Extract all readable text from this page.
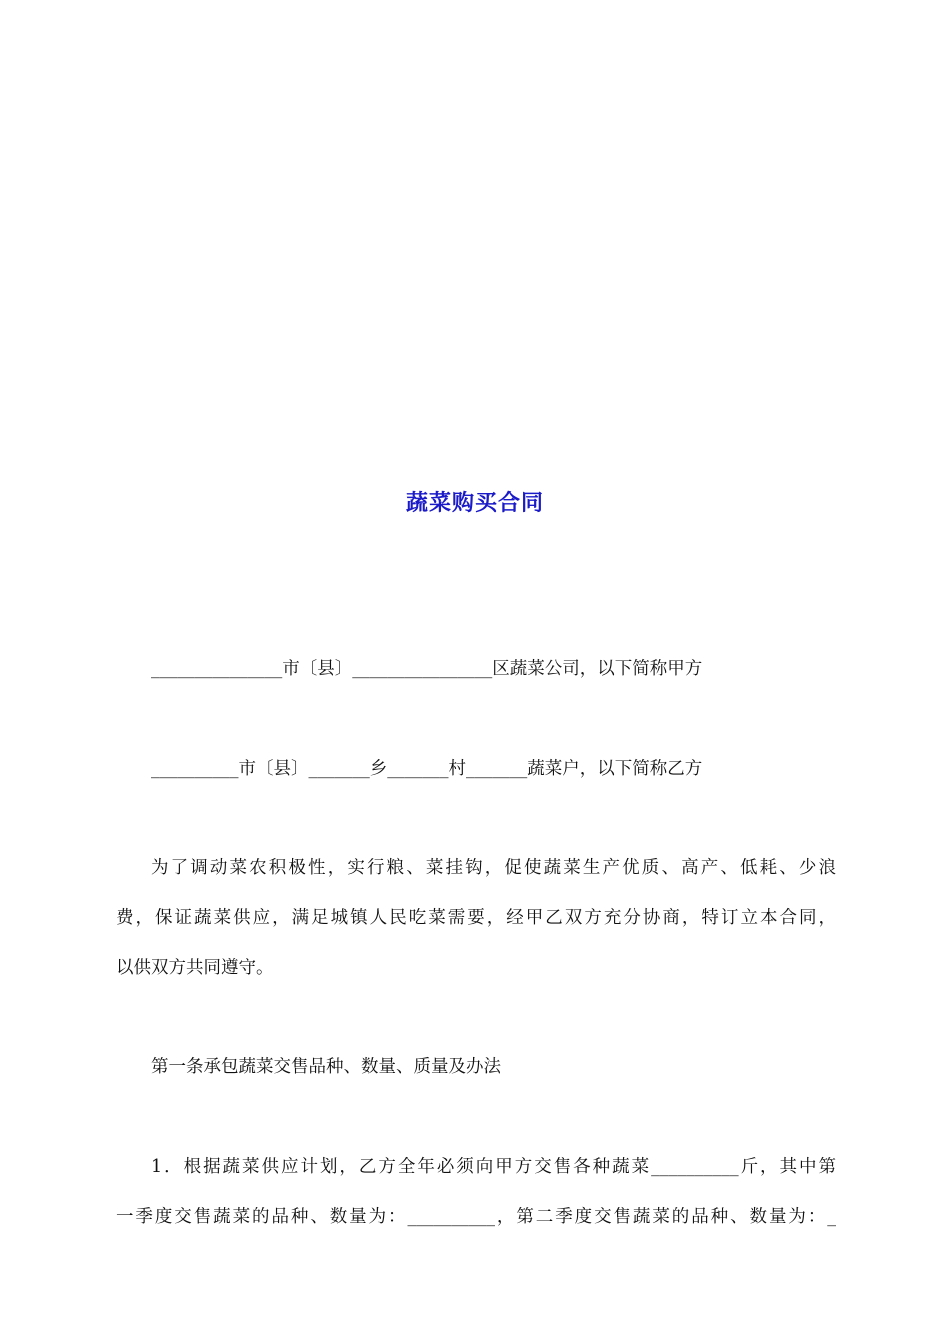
蔬菜购买合同
_______________市〔县〕________________区蔬菜公司，以下简称甲方
__________市〔县〕_______乡_______村_______蔬菜户，以下简称乙方

为了调动菜农积极性，实行粮、菜挂钩，促使蔬菜生产优质、高产、低耗、少浪

费，保证蔬菜供应，满足城镇人民吃菜需要，经甲乙双方充分协商，特订立本合同，

以供双方共同遵守。

第一条承包蔬菜交售品种、数量、质量及办法

1．根据蔬菜供应计划，乙方全年必须向甲方交售各种蔬菜__________斤，其中第

一季度交售蔬菜的品种、数量为：__________，第二季度交售蔬菜的品种、数量为：_
